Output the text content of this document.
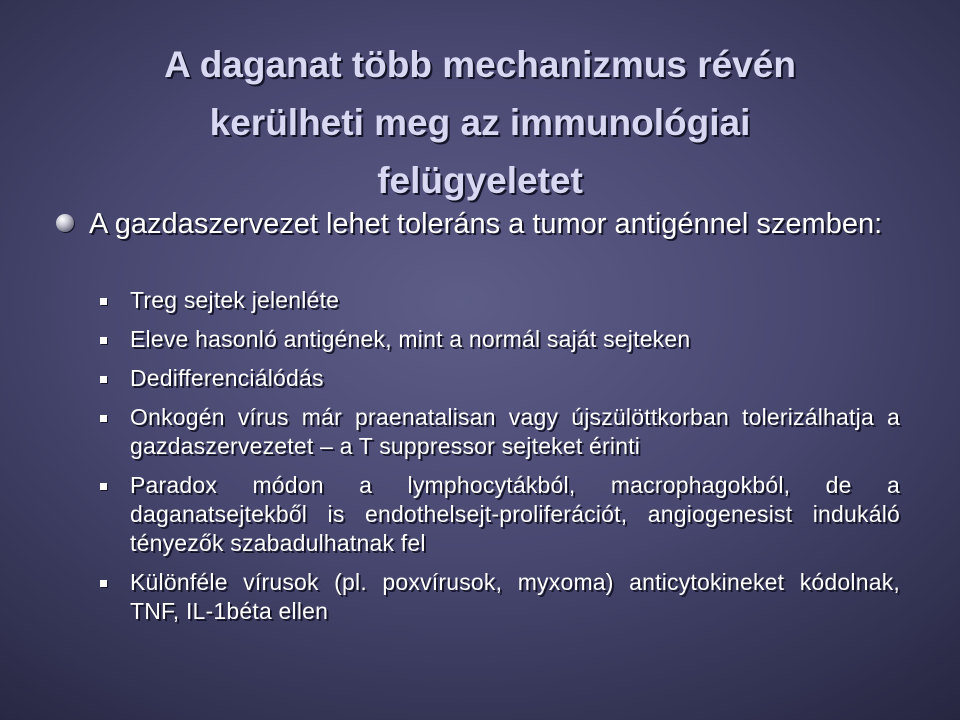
A daganat több mechanizmus révén
kerülheti meg az immunológiai
felügyeletet
A gazdaszervezet lehet toleráns a tumor antigénnel szemben:
Treg sejtek jelenléte
Eleve hasonló antigének, mint a normál saját sejteken
Dedifferenciálódás
Onkogén vírus már praenatalisan vagy újszülöttkorban tolerizálhatja a gazdaszervezetet – a T suppressor sejteket érinti
Paradox módon a lymphocytákból, macrophagokból, de a daganatsejtekből is endothelsejt-proliferációt, angiogenesist indukáló tényezők szabadulhatnak fel
Különféle vírusok (pl. poxvírusok, myxoma) anticytokineket kódolnak, TNF, IL-1béta ellen
